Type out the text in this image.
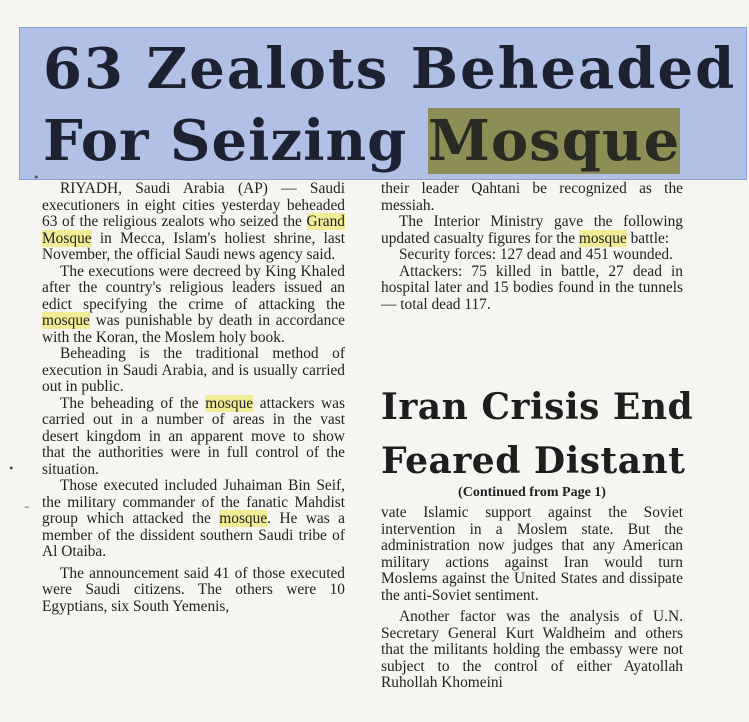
63 Zealots Beheaded
For Seizing Mosque

RIYADH, Saudi Arabia (AP) — Saudi executioners in eight cities yesterday beheaded 63 of the religious zealots who seized the Grand Mosque in Mecca, Islam's holiest shrine, last November, the official Saudi news agency said.

The executions were decreed by King Khaled after the country's religious leaders issued an edict specifying the crime of attacking the mosque was punishable by death in accordance with the Koran, the Moslem holy book.

Beheading is the traditional method of execution in Saudi Arabia, and is usually carried out in public.

The beheading of the mosque attackers was carried out in a number of areas in the vast desert kingdom in an apparent move to show that the authorities were in full control of the situation.

Those executed included Juhaiman Bin Seif, the military commander of the fanatic Mahdist group which attacked the mosque. He was a member of the dissident southern Saudi tribe of Al Otaiba.

The announcement said 41 of those executed were Saudi citizens. The others were 10 Egyptians, six South Yemenis,

their leader Qahtani be recognized as the messiah.

The Interior Ministry gave the following updated casualty figures for the mosque battle:

Security forces: 127 dead and 451 wounded.

Attackers: 75 killed in battle, 27 dead in hospital later and 15 bodies found in the tunnels — total dead 117.

Iran Crisis End
Feared Distant
(Continued from Page 1)

vate Islamic support against the Soviet intervention in a Moslem state. But the administration now judges that any American military actions against Iran would turn Moslems against the United States and dissipate the anti-Soviet sentiment.

Another factor was the analysis of U.N. Secretary General Kurt Waldheim and others that the militants holding the embassy were not subject to the control of either Ayatollah Ruhollah Khomeini

•
•
–
